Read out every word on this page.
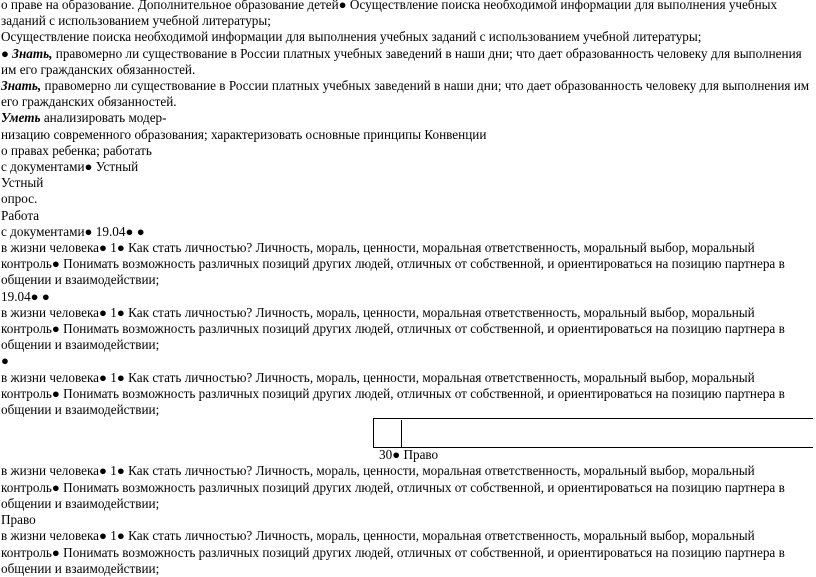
о праве на образование. Дополнительное образование детей● Осуществление поиска необходимой информации для выполнения учебных заданий с использованием учебной литературы;

Осуществление поиска необходимой информации для выполнения учебных заданий с использованием учебной литературы;

● Знать, правомерно ли существование в России платных учебных заведений в наши дни; что дает образованность человеку для выполнения им его гражданских обязанностей.

Знать, правомерно ли существование в России платных учебных заведений в наши дни; что дает образованность человеку для выполнения им его гражданских обязанностей.

Уметь анализировать модер-

низацию современного образования; характеризовать основные принципы Конвенции

о правах ребенка; работать

с документами● Устный

Устный

опрос.

Работа

с документами● 19.04● ●

в жизни человека● 1● Как стать личностью? Личность, мораль, ценности, моральная ответственность, моральный выбор, моральный контроль● Понимать возможность различных позиций других людей, отличных от собственной, и ориентироваться на позицию партнера в общении и взаимодействии;

19.04● ●

в жизни человека● 1● Как стать личностью? Личность, мораль, ценности, моральная ответственность, моральный выбор, моральный контроль● Понимать возможность различных позиций других людей, отличных от собственной, и ориентироваться на позицию партнера в общении и взаимодействии;

●

в жизни человека● 1● Как стать личностью? Личность, мораль, ценности, моральная ответственность, моральный выбор, моральный контроль● Понимать возможность различных позиций других людей, отличных от собственной, и ориентироваться на позицию партнера в общении и взаимодействии;

30● Право

в жизни человека● 1● Как стать личностью? Личность, мораль, ценности, моральная ответственность, моральный выбор, моральный контроль● Понимать возможность различных позиций других людей, отличных от собственной, и ориентироваться на позицию партнера в общении и взаимодействии;

Право

в жизни человека● 1● Как стать личностью? Личность, мораль, ценности, моральная ответственность, моральный выбор, моральный контроль● Понимать возможность различных позиций других людей, отличных от собственной, и ориентироваться на позицию партнера в общении и взаимодействии;
